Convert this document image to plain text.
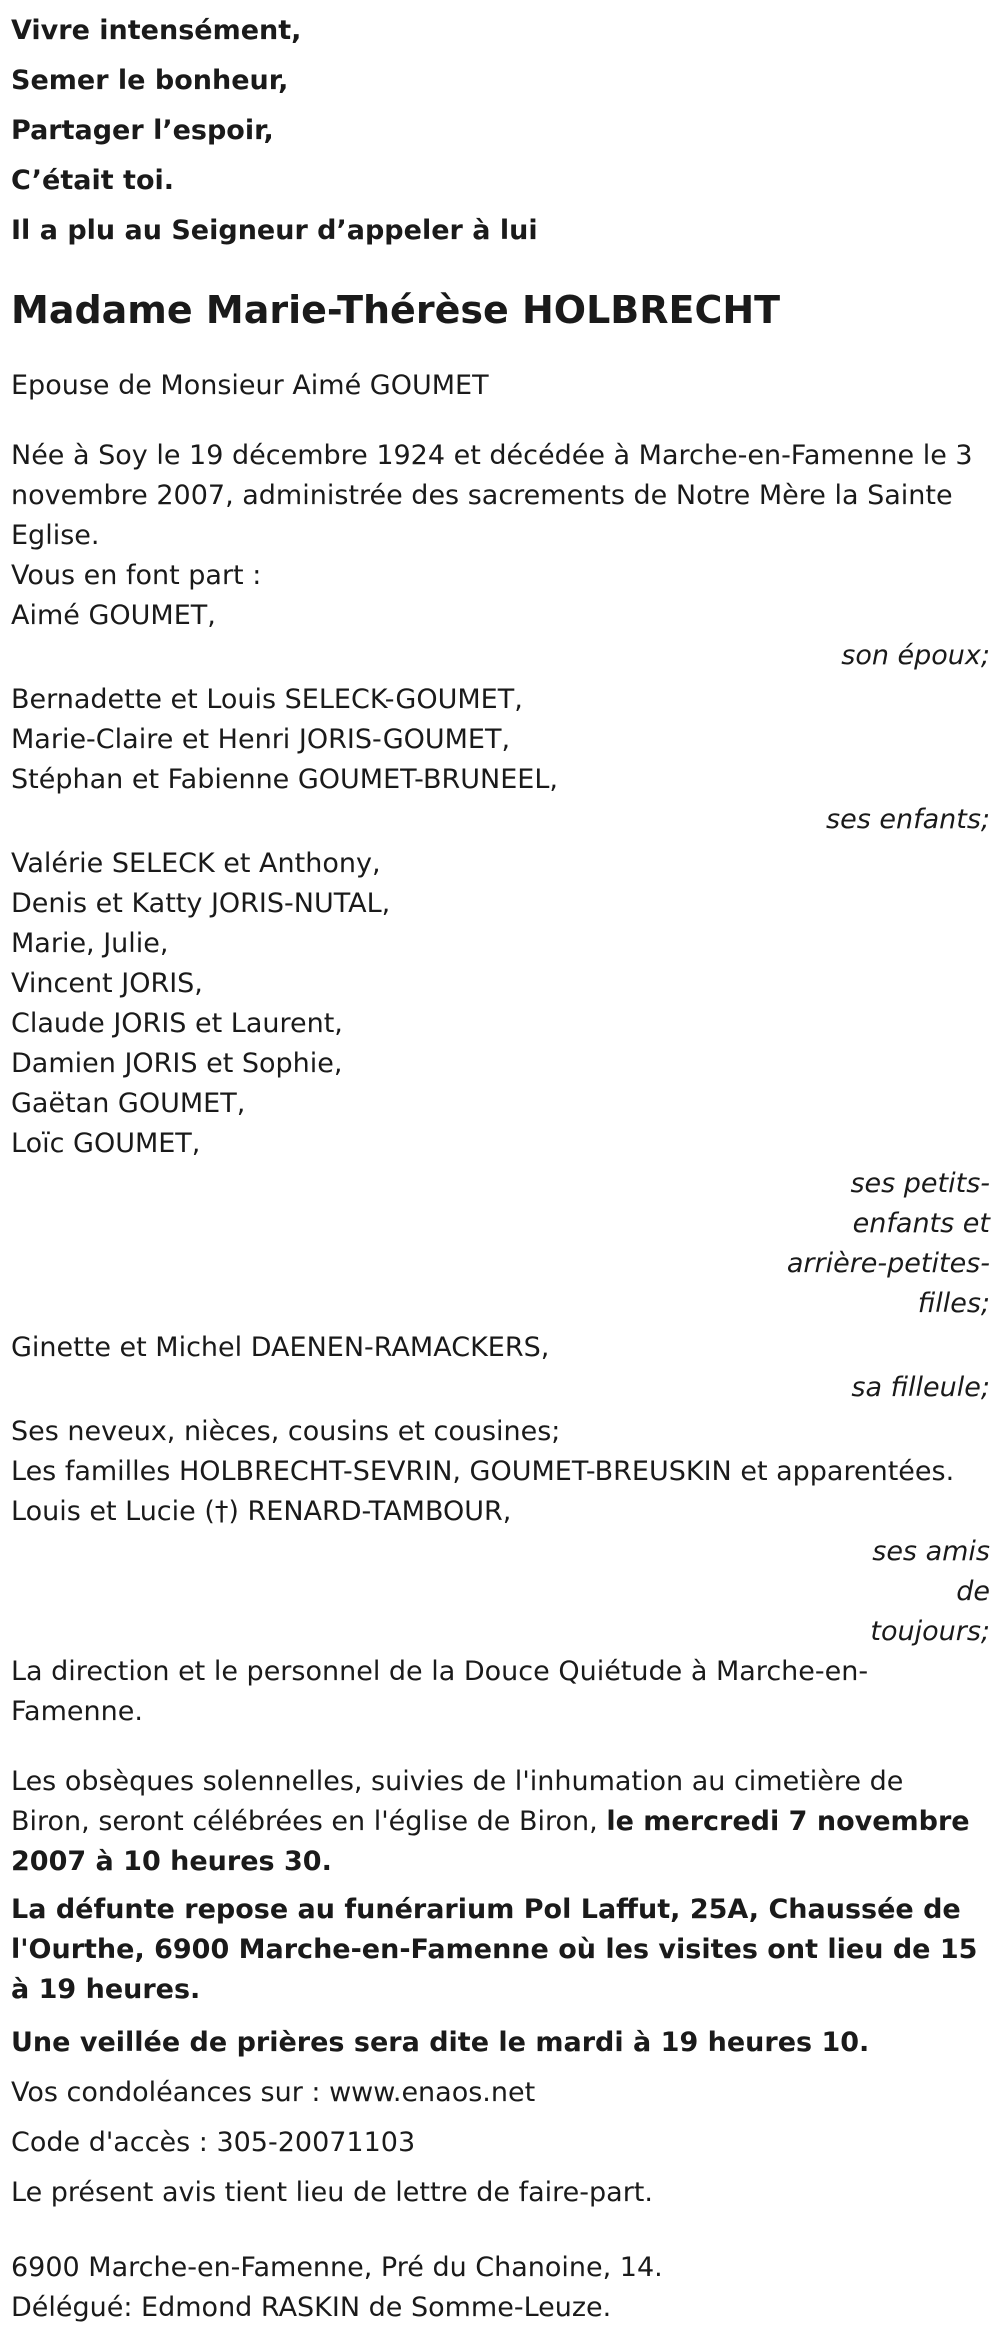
Vivre intensément,

Semer le bonheur,

Partager l’espoir,

C’était toi.

Il a plu au Seigneur d’appeler à lui

Madame Marie-Thérèse HOLBRECHT

Epouse de Monsieur Aimé GOUMET

Née à Soy le 19 décembre 1924 et décédée à Marche-en-Famenne le 3 novembre 2007, administrée des sacrements de Notre Mère la Sainte Eglise.

Vous en font part :

Aimé GOUMET,

son époux;

Bernadette et Louis SELECK-GOUMET,

Marie-Claire et Henri JORIS-GOUMET,

Stéphan et Fabienne GOUMET-BRUNEEL,

ses enfants;

Valérie SELECK et Anthony,

Denis et Katty JORIS-NUTAL,

Marie, Julie,

Vincent JORIS,

Claude JORIS et Laurent,

Damien JORIS et Sophie,

Gaëtan GOUMET,

Loïc GOUMET,

ses petits-enfants et arrière-petites-filles;

Ginette et Michel DAENEN-RAMACKERS,

sa filleule;

Ses neveux, nièces, cousins et cousines;

Les familles HOLBRECHT-SEVRIN, GOUMET-BREUSKIN et apparentées.

Louis et Lucie (†) RENARD-TAMBOUR,

ses amis de toujours;

La direction et le personnel de la Douce Quiétude à Marche-en-Famenne.

Les obsèques solennelles, suivies de l'inhumation au cimetière de Biron, seront célébrées en l'église de Biron, le mercredi 7 novembre 2007 à 10 heures 30.

La défunte repose au funérarium Pol Laffut, 25A, Chaussée de l'Ourthe, 6900 Marche-en-Famenne où les visites ont lieu de 15 à 19 heures.

Une veillée de prières sera dite le mardi à 19 heures 10.

Vos condoléances sur : www.enaos.net

Code d'accès : 305-20071103

Le présent avis tient lieu de lettre de faire-part.

6900 Marche-en-Famenne, Pré du Chanoine, 14.

Délégué: Edmond RASKIN de Somme-Leuze.
